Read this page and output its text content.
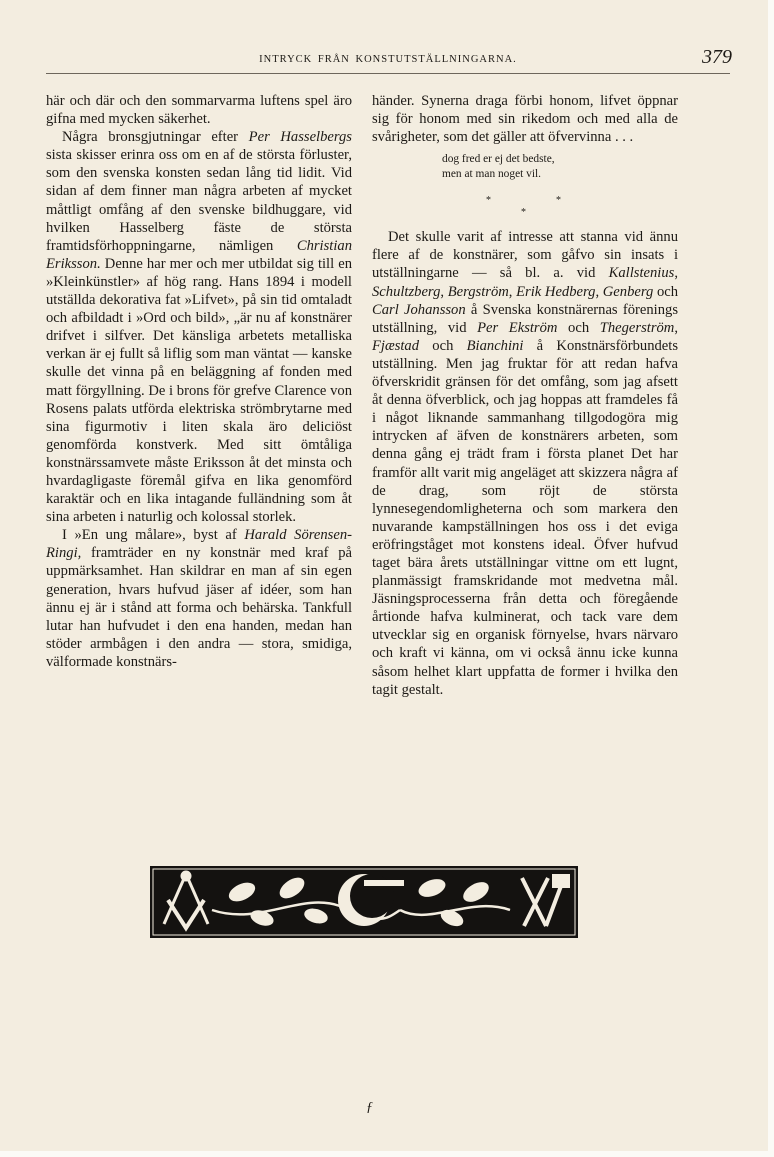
INTRYCK FRÅN KONSTUTSTÄLLNINGARNA.	379

här och där och den sommarvarma luftens spel äro gifna med mycken säkerhet.

Några bronsgjutningar efter Per Hasselbergs sista skisser erinra oss om en af de största förluster, som den svenska konsten sedan lång tid lidit. Vid sidan af dem finner man några arbeten af mycket måttligt omfång af den svenske bildhuggare, vid hvilken Hasselberg fäste de största framtidsförhoppningarne, nämligen Christian Eriksson. Denne har mer och mer utbildat sig till en »Kleinkünstler» af hög rang. Hans 1894 i modell utställda dekorativa fat »Lifvet», på sin tid omtaladt och afbildadt i »Ord och bild», „är nu af konstnärer drifvet i silfver. Det känsliga arbetets metalliska verkan är ej fullt så liflig som man väntat — kanske skulle det vinna på en beläggning af fonden med matt förgyllning. De i brons för grefve Clarence von Rosens palats utförda elektriska strömbrytarne med sina figurmotiv i liten skala äro deliciöst genomförda konstverk. Med sitt ömtåliga konstnärssamvete måste Eriksson åt det minsta och hvardagligaste föremål gifva en lika genomförd karaktär och en lika intagande fulländning som åt sina arbeten i naturlig och kolossal storlek.

I »En ung målare», byst af Harald Sörensen-Ringi, framträder en ny konstnär med kraf på uppmärksamhet. Han skildrar en man af sin egen generation, hvars hufvud jäser af idéer, som han ännu ej är i stånd att forma och behärska. Tankfull lutar han hufvudet i den ena handen, medan han stöder armbågen i den andra — stora, smidiga, välformade konstnärs-

händer. Synerna draga förbi honom, lifvet öppnar sig för honom med sin rikedom och med alla de svårigheter, som det gäller att öfvervinna . . .

dog fred er ej det bedste,
men at man noget vil.
*	*
*

Det skulle varit af intresse att stanna vid ännu flere af de konstnärer, som gåfvo sin insats i utställningarne — så bl. a. vid Kallstenius, Schultzberg, Bergström, Erik Hedberg, Genberg och Carl Johansson å Svenska konstnärernas förenings utställning, vid Per Ekström och Thegerström, Fjæstad och Bianchini å Konstnärsförbundets utställning. Men jag fruktar för att redan hafva öfverskridit gränsen för det omfång, som jag afsett åt denna öfverblick, och jag hoppas att framdeles få i något liknande sammanhang tillgodogöra mig intrycken af äfven de konstnärers arbeten, som denna gång ej trädt fram i första planet Det har framför allt varit mig angeläget att skizzera några af de drag, som röjt de största lynnesegendomligheterna och som markera den nuvarande kampställningen hos oss i det eviga eröfringståget mot konstens ideal. Öfver hufvud taget bära årets utställningar vittne om ett lugnt, planmässigt framskridande mot medvetna mål. Jäsningsprocesserna från detta och föregående årtionde hafva kulminerat, och tack vare dem utvecklar sig en organisk förnyelse, hvars närvaro och kraft vi känna, om vi också ännu icke kunna såsom helhet klart uppfatta de former i hvilka den tagit gestalt.

ƒ
